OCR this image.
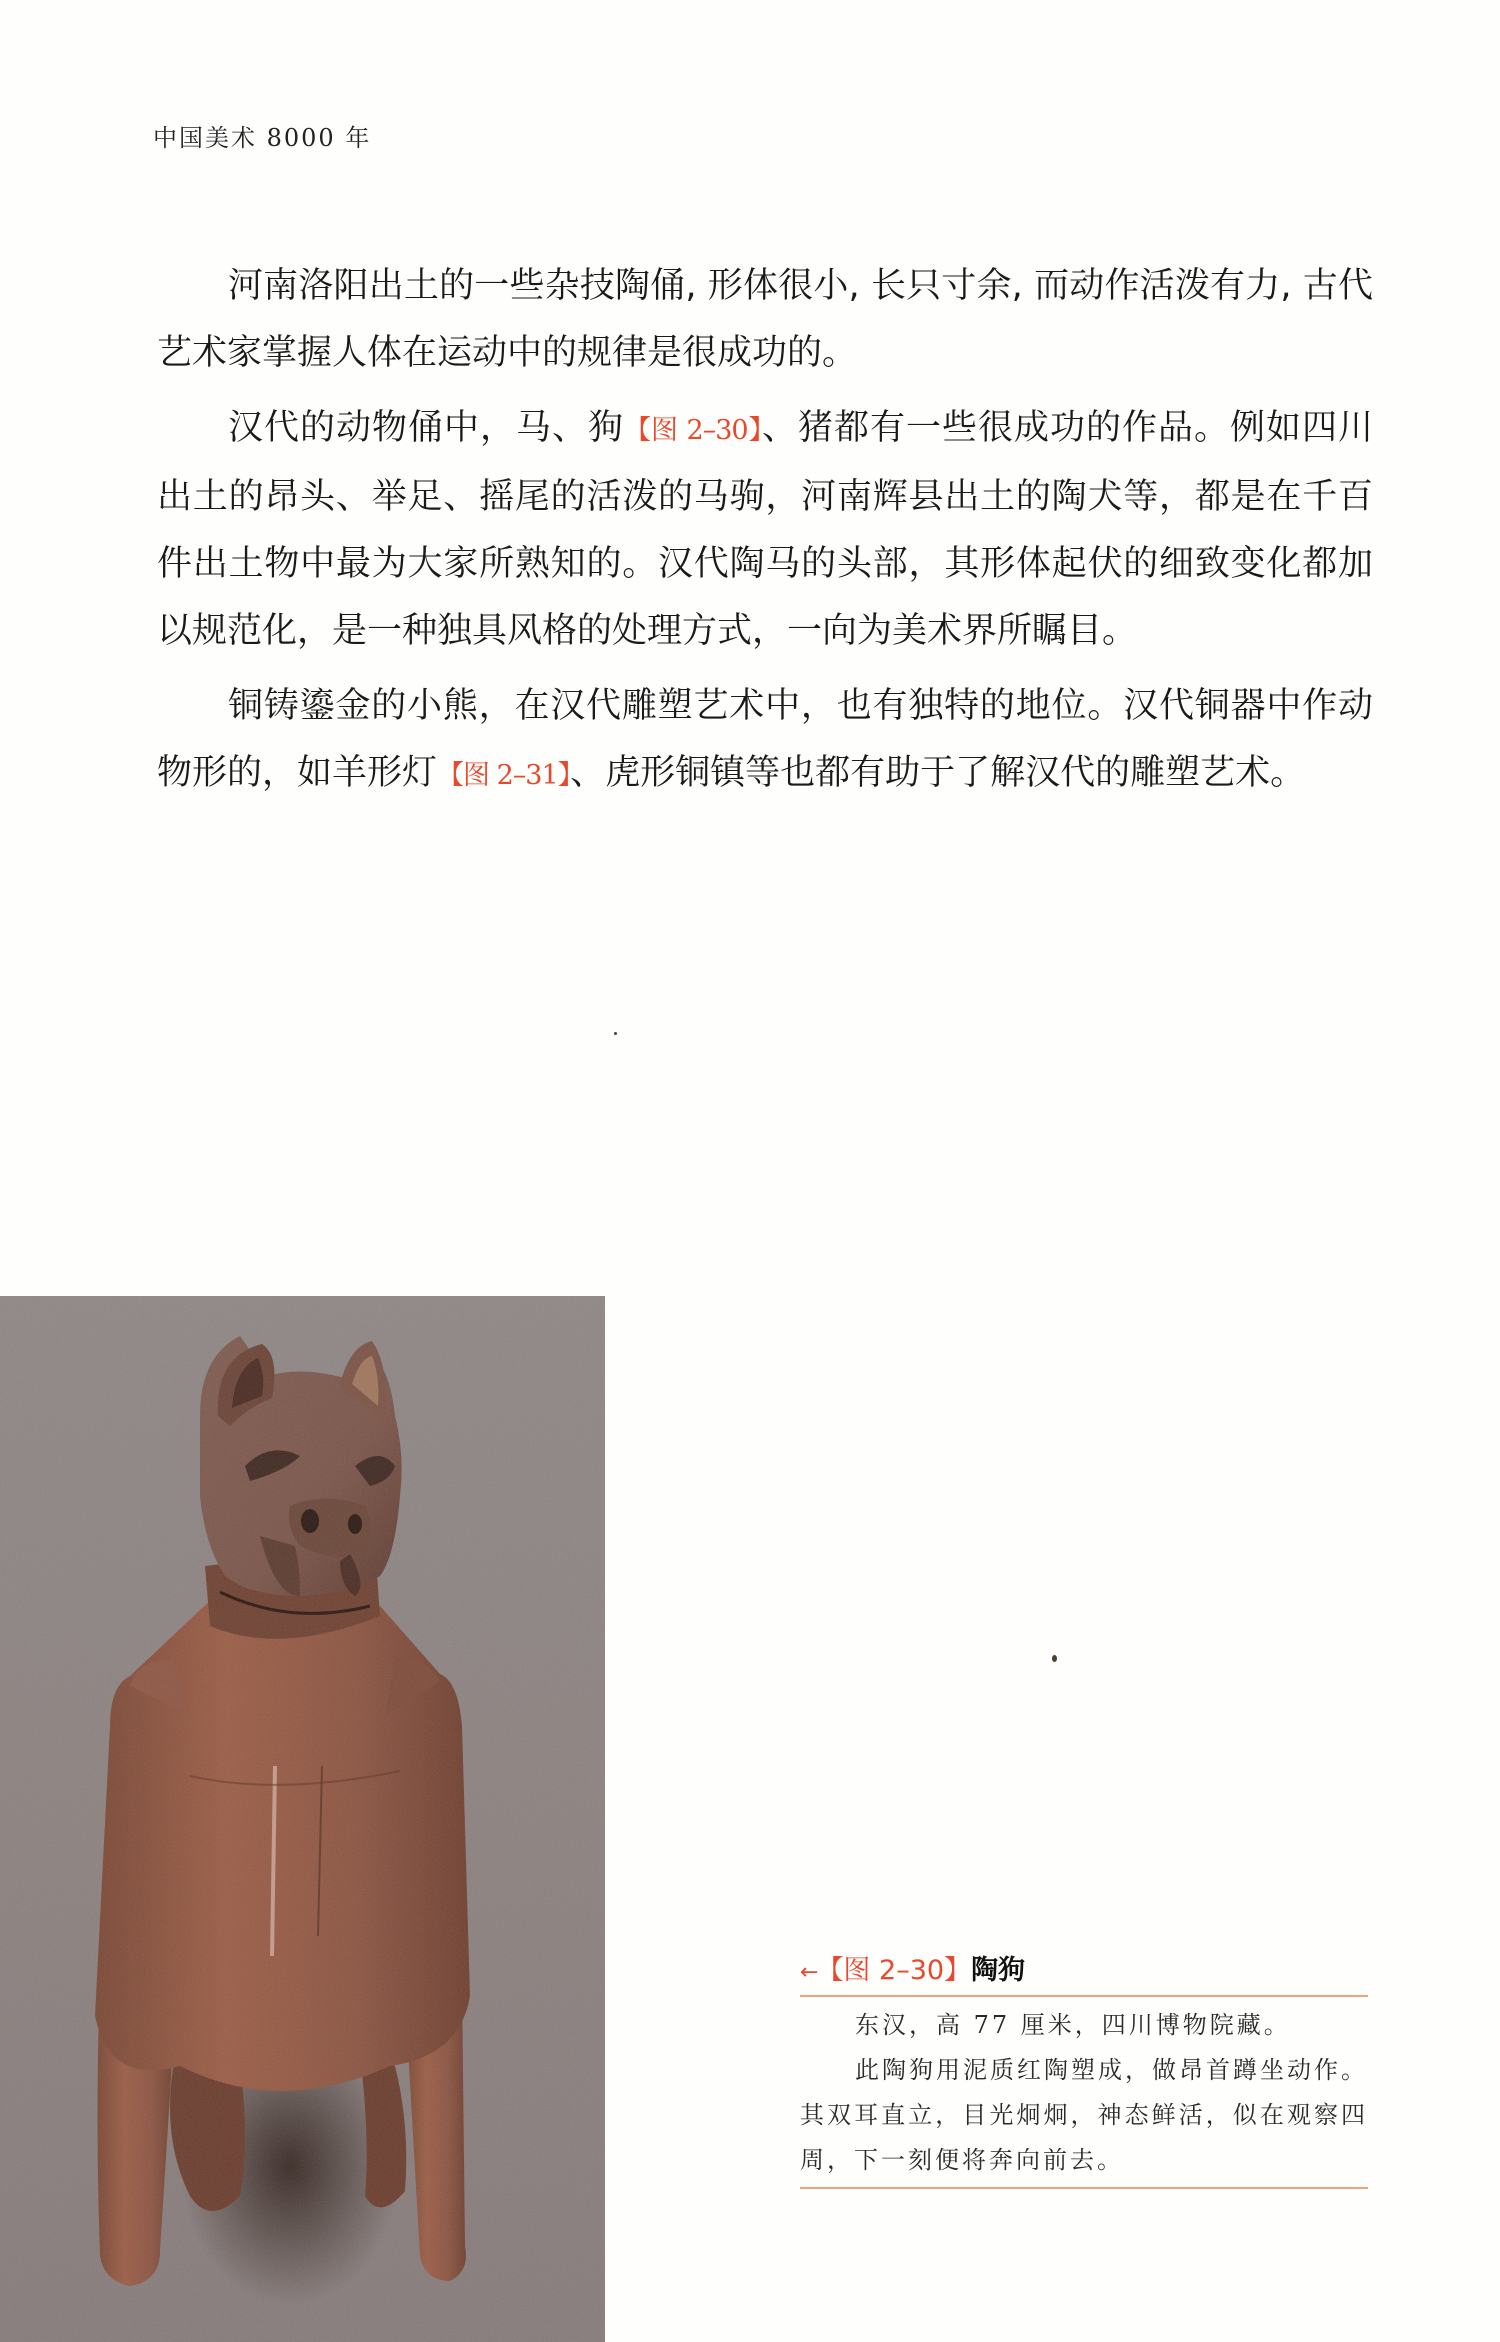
中国美术 8000 年

河南洛阳出土的一些杂技陶俑, 形体很小, 长只寸余, 而动作活泼有力, 古代艺术家掌握人体在运动中的规律是很成功的。

汉代的动物俑中，马、狗【图 2–30】、猪都有一些很成功的作品。例如四川出土的昂头、举足、摇尾的活泼的马驹，河南辉县出土的陶犬等，都是在千百件出土物中最为大家所熟知的。汉代陶马的头部，其形体起伏的细致变化都加以规范化，是一种独具风格的处理方式，一向为美术界所瞩目。

铜铸鎏金的小熊，在汉代雕塑艺术中，也有独特的地位。汉代铜器中作动物形的，如羊形灯【图 2–31】、虎形铜镇等也都有助于了解汉代的雕塑艺术。

←【图 2–30】陶狗

东汉，高 77 厘米，四川博物院藏。

此陶狗用泥质红陶塑成，做昂首蹲坐动作。其双耳直立，目光炯炯，神态鲜活，似在观察四周，下一刻便将奔向前去。
